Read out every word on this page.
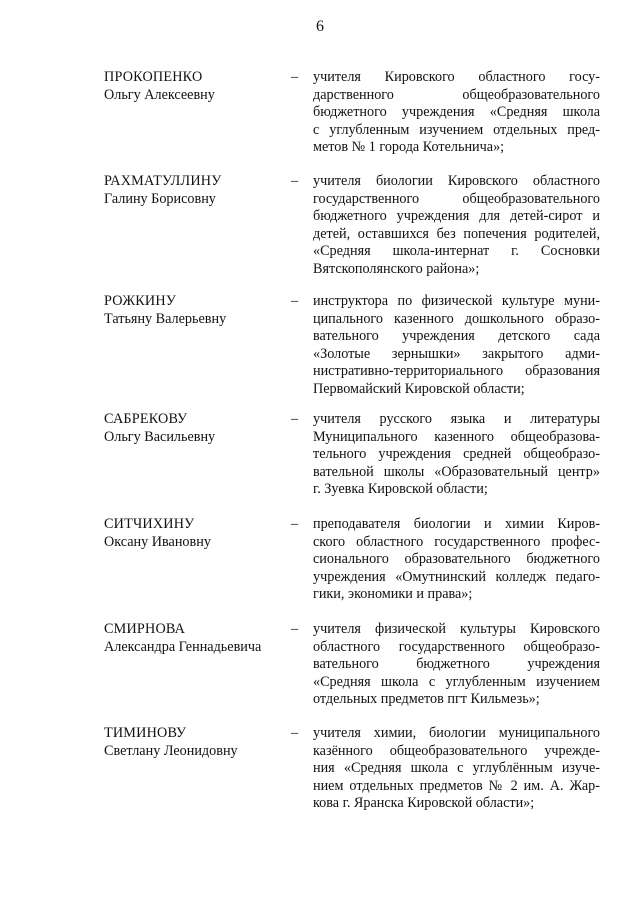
6
ПРОКОПЕНКО
Ольгу Алексеевну
– учителя Кировского областного госу-
дарственного общеобразовательного
бюджетного учреждения «Средняя школа
с углубленным изучением отдельных пред-
метов № 1 города Котельнича»;
РАХМАТУЛЛИНУ
Галину Борисовну
– учителя биологии Кировского областного
государственного общеобразовательного
бюджетного учреждения для детей-сирот и
детей, оставшихся без попечения родителей,
«Средняя школа-интернат г. Сосновки
Вятскополянского района»;
РОЖКИНУ
Татьяну Валерьевну
– инструктора по физической культуре муни-
ципального казенного дошкольного образо-
вательного учреждения детского сада
«Золотые зернышки» закрытого адми-
нистративно-территориального образования
Первомайский Кировской области;
САБРЕКОВУ
Ольгу Васильевну
– учителя русского языка и литературы
Муниципального казенного общеобразова-
тельного учреждения средней общеобразо-
вательной школы «Образовательный центр»
г. Зуевка Кировской области;
СИТЧИХИНУ
Оксану Ивановну
– преподавателя биологии и химии Киров-
ского областного государственного профес-
сионального образовательного бюджетного
учреждения «Омутнинский колледж педаго-
гики, экономики и права»;
СМИРНОВА
Александра Геннадьевича
– учителя физической культуры Кировского
областного государственного общеобразо-
вательного бюджетного учреждения
«Средняя школа с углубленным изучением
отдельных предметов пгт Кильмезь»;
ТИМИНОВУ
Светлану Леонидовну
– учителя химии, биологии муниципального
казённого общеобразовательного учрежде-
ния «Средняя школа с углублённым изуче-
нием отдельных предметов № 2 им. А. Жар-
кова г. Яранска Кировской области»;
